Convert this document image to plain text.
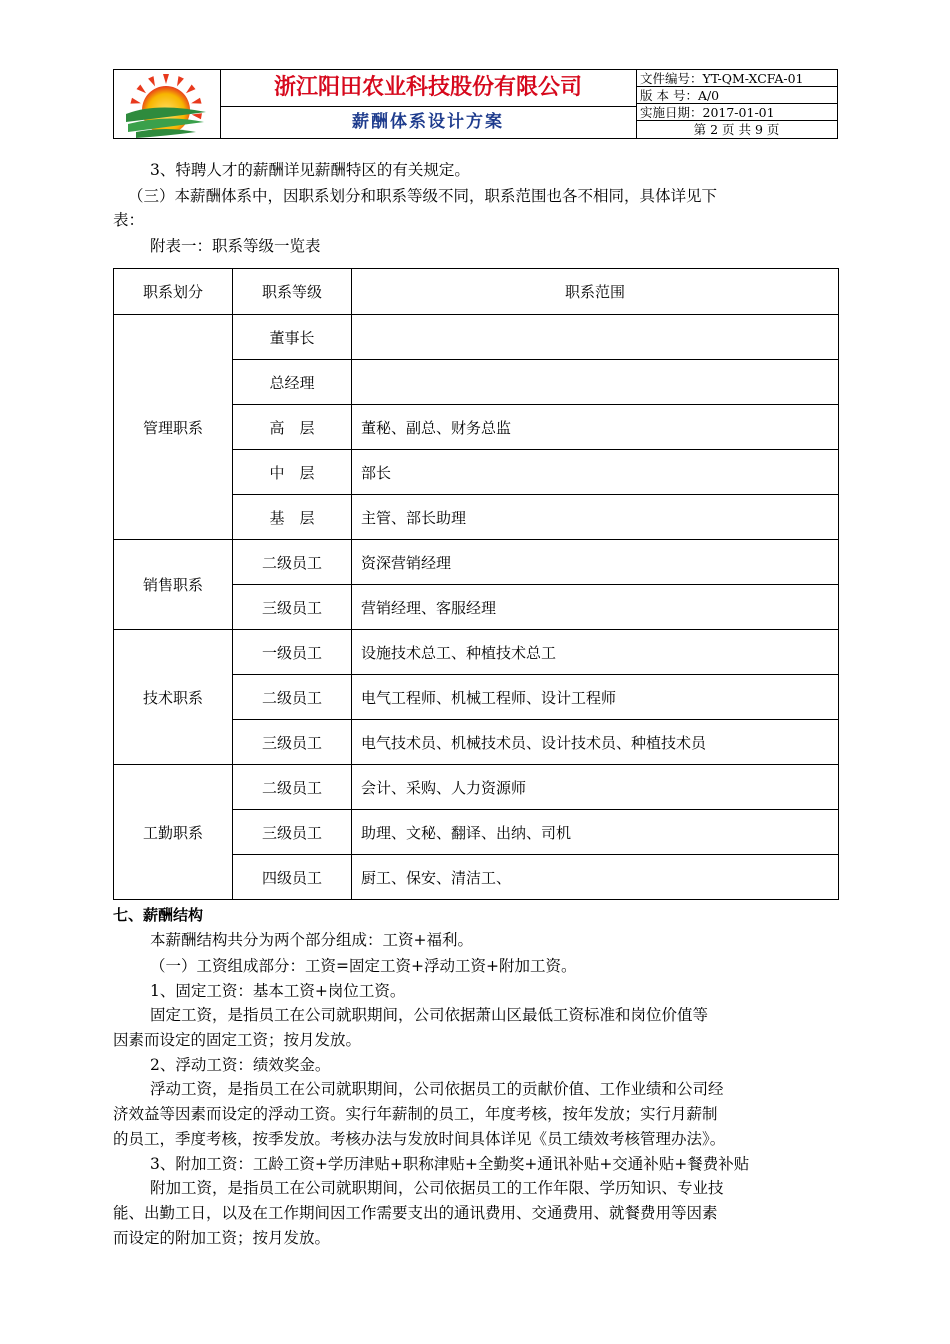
浙江阳田农业科技股份有限公司
薪酬体系设计方案
文件编号：YT-QM-XCFA-01
版 本 号：A/0
实施日期：2017-01-01
第 2 页 共 9 页
3、特聘人才的薪酬详见薪酬特区的有关规定。
（三）本薪酬体系中，因职系划分和职系等级不同，职系范围也各不相同，具体详见下
表：
附表一：职系等级一览表
职系划分	职系等级	职系范围
管理职系	董事长	
	总经理	
	高　层	董秘、副总、财务总监
	中　层	部长
	基　层	主管、部长助理
销售职系	二级员工	资深营销经理
	三级员工	营销经理、客服经理
技术职系	一级员工	设施技术总工、种植技术总工
	二级员工	电气工程师、机械工程师、设计工程师
	三级员工	电气技术员、机械技术员、设计技术员、种植技术员
工勤职系	二级员工	会计、采购、人力资源师
	三级员工	助理、文秘、翻译、出纳、司机
	四级员工	厨工、保安、清洁工、
七、薪酬结构
本薪酬结构共分为两个部分组成：工资+福利。
（一）工资组成部分：工资=固定工资+浮动工资+附加工资。
1、固定工资：基本工资+岗位工资。
固定工资，是指员工在公司就职期间，公司依据萧山区最低工资标准和岗位价值等
因素而设定的固定工资；按月发放。
2、浮动工资：绩效奖金。
浮动工资，是指员工在公司就职期间，公司依据员工的贡献价值、工作业绩和公司经
济效益等因素而设定的浮动工资。实行年薪制的员工，年度考核，按年发放；实行月薪制
的员工，季度考核，按季发放。考核办法与发放时间具体详见《员工绩效考核管理办法》。
3、附加工资：工龄工资+学历津贴+职称津贴+全勤奖+通讯补贴+交通补贴+餐费补贴
附加工资，是指员工在公司就职期间，公司依据员工的工作年限、学历知识、专业技
能、出勤工日，以及在工作期间因工作需要支出的通讯费用、交通费用、就餐费用等因素
而设定的附加工资；按月发放。
